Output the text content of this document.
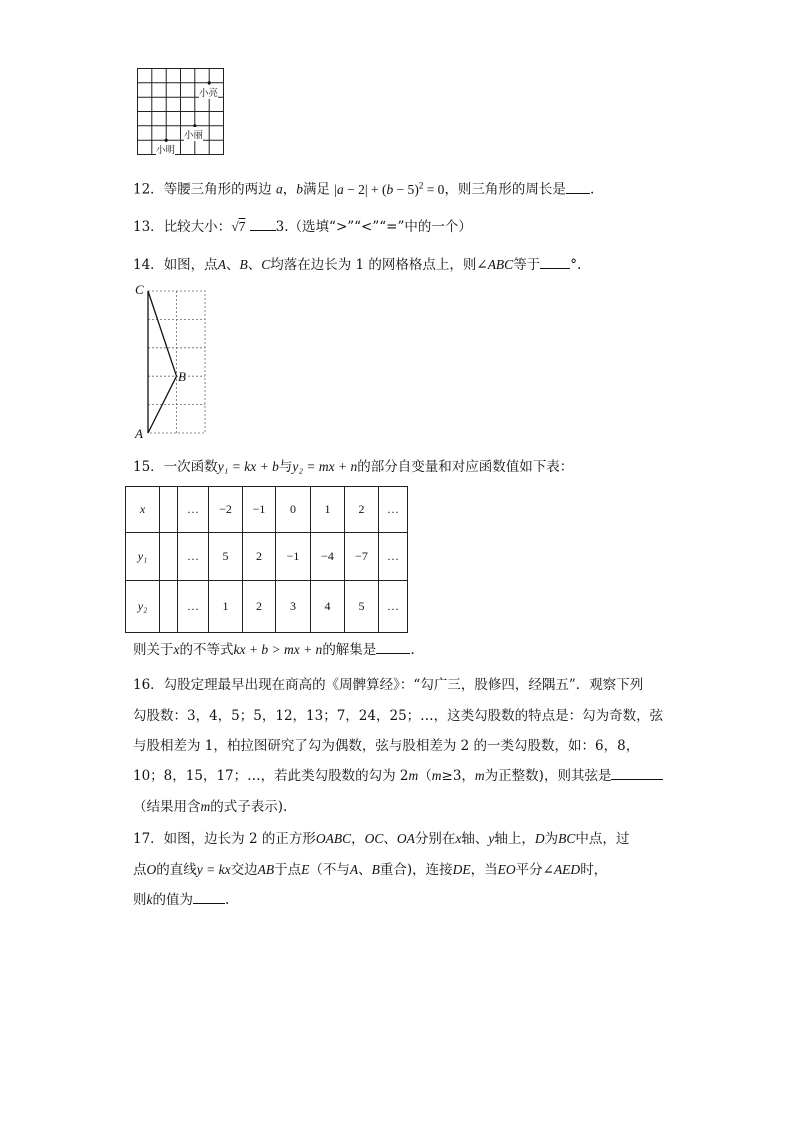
小亮
小丽
小明
12．等腰三角形的两边 a，b满足 $|a - 2| + (b - 5)^2 = 0$，则三角形的周长是 .
13．比较大小：√7 3.（选填“>”“<”“=”中的一个）
14．如图，点A、B、C均落在边长为 1 的网格格点上，则∠ABC等于 °.
C
B
A
15．一次函数y₁ = kx + b与y₂ = mx + n的部分自变量和对应函数值如下表：
x		…	−2	−1	0	1	2	…
y₁		…	5	2	−1	−4	−7	…
y₂		…	1	2	3	4	5	…
则关于x的不等式kx + b > mx + n的解集是	.
16．勾股定理最早出现在商高的《周髀算经》：“勾广三，股修四，经隅五”．观察下列
勾股数：3，4，5；5，12，13；7，24，25；…，这类勾股数的特点是：勾为奇数，弦
与股相差为 1，柏拉图研究了勾为偶数，弦与股相差为 2 的一类勾股数，如：6，8，
10；8，15，17；…，若此类勾股数的勾为 2m（m≥3，m为正整数)，则其弦是
（结果用含m的式子表示).
17．如图，边长为 2 的正方形OABC，OC、OA分别在x轴、y轴上，D为BC中点，过
点O的直线y = kx交边AB于点E（不与A、B重合)，连接DE，当EO平分∠AED时，
则k的值为 .
